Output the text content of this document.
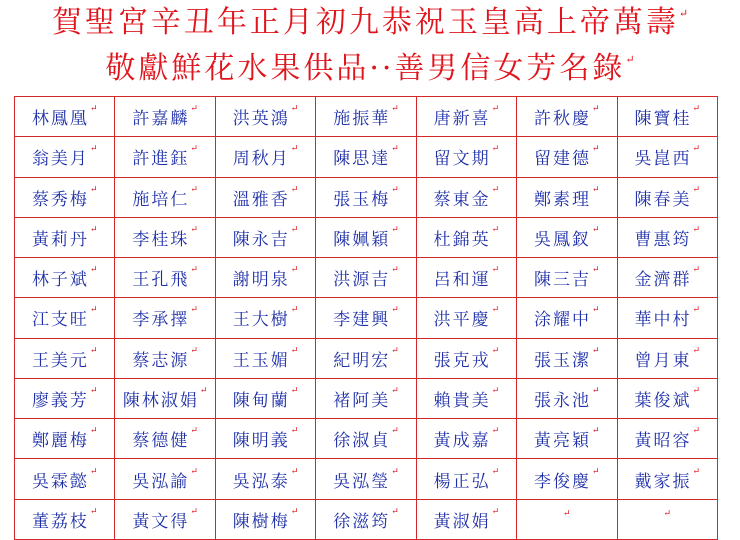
賀聖宮辛丑年正月初九恭祝玉皇高上帝萬壽↵
敬獻鮮花水果供品··善男信女芳名錄↵
林鳳凰↵	許嘉麟↵	洪英鴻↵	施振華↵	唐新喜↵	許秋慶↵	陳寶桂↵
翁美月↵	許進鈺↵	周秋月↵	陳思達↵	留文期↵	留建德↵	吳崑西↵
蔡秀梅↵	施培仁↵	溫雅香↵	張玉梅↵	蔡東金↵	鄭素理↵	陳春美↵
黃莉丹↵	李桂珠↵	陳永吉↵	陳姵穎↵	杜錦英↵	吳鳳釵↵	曹惠筠↵
林子斌↵	王孔飛↵	謝明泉↵	洪源吉↵	呂和運↵	陳三吉↵	金濟群↵
江支旺↵	李承擇↵	王大樹↵	李建興↵	洪平慶↵	涂耀中↵	華中村↵
王美元↵	蔡志源↵	王玉媚↵	紀明宏↵	張克戎↵	張玉潔↵	曾月東↵
廖義芳↵	陳林淑娟↵	陳甸蘭↵	褚阿美↵	賴貴美↵	張永池↵	葉俊斌↵
鄭麗梅↵	蔡德健↵	陳明義↵	徐淑貞↵	黃成嘉↵	黃亮穎↵	黃昭容↵
吳霖懿↵	吳泓諭↵	吳泓泰↵	吳泓瑩↵	楊正弘↵	李俊慶↵	戴家振↵
董荔枝↵	黃文得↵	陳樹梅↵	徐滋筠↵	黃淑娟↵	↵	↵
